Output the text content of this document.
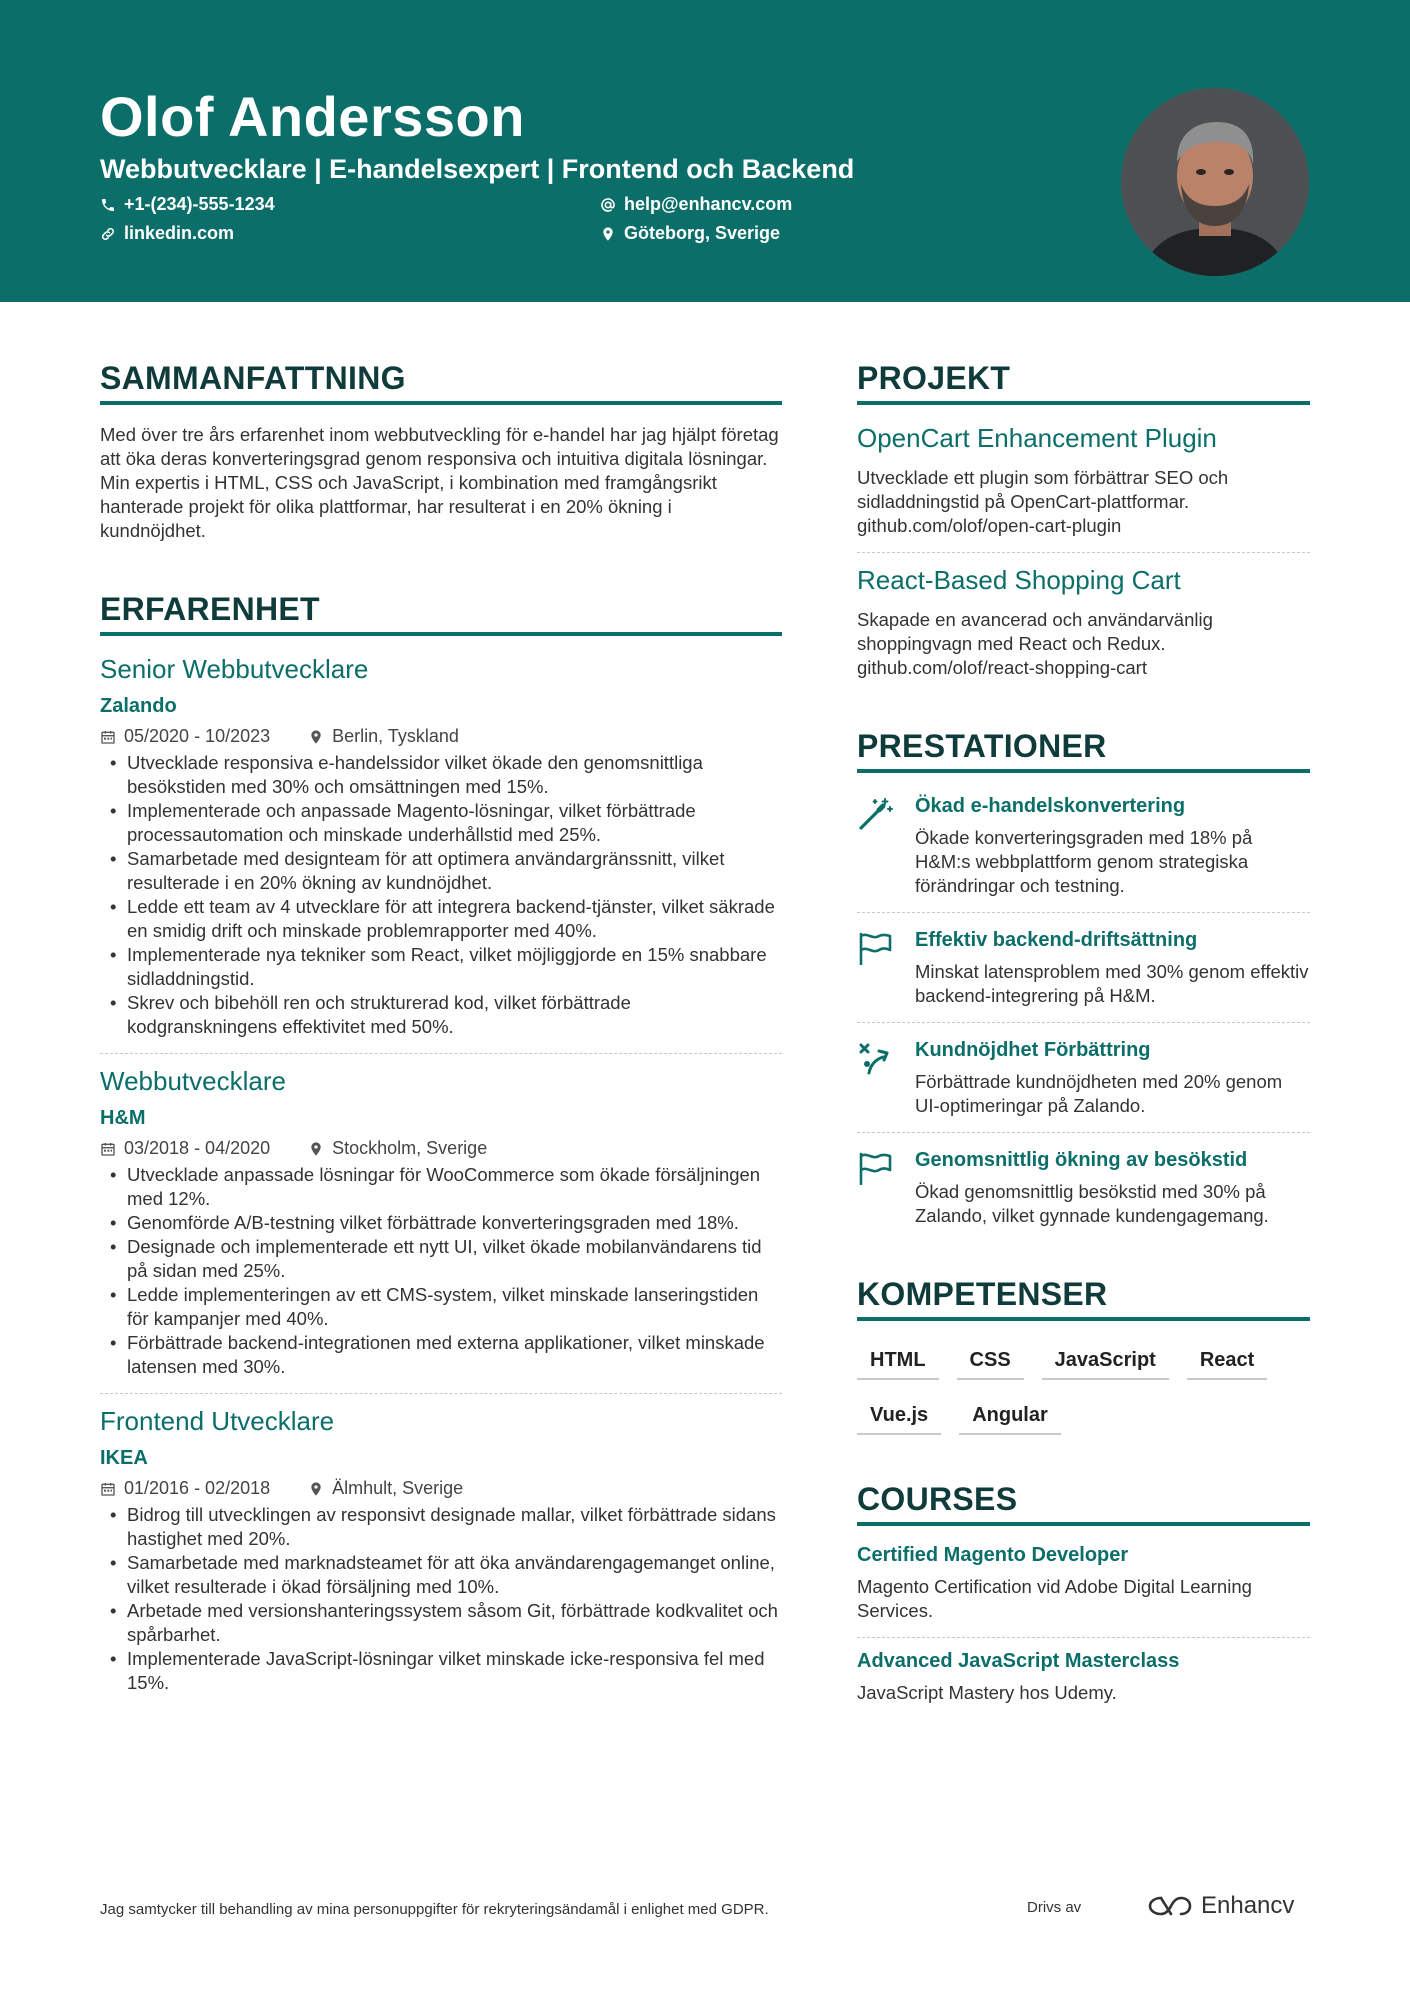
Olof Andersson
Webbutvecklare | E-handelsexpert | Frontend och Backend
+1-(234)-555-1234	help@enhancv.com
linkedin.com	Göteborg, Sverige
SAMMANFATTNING
Med över tre års erfarenhet inom webbutveckling för e-handel har jag hjälpt företag att öka deras konverteringsgrad genom responsiva och intuitiva digitala lösningar. Min expertis i HTML, CSS och JavaScript, i kombination med framgångsrikt hanterade projekt för olika plattformar, har resulterat i en 20% ökning i kundnöjdhet.
ERFARENHET
Senior Webbutvecklare
Zalando
05/2020 - 10/2023	Berlin, Tyskland
• Utvecklade responsiva e-handelssidor vilket ökade den genomsnittliga besökstiden med 30% och omsättningen med 15%.
• Implementerade och anpassade Magento-lösningar, vilket förbättrade processautomation och minskade underhållstid med 25%.
• Samarbetade med designteam för att optimera användargränssnitt, vilket resulterade i en 20% ökning av kundnöjdhet.
• Ledde ett team av 4 utvecklare för att integrera backend-tjänster, vilket säkrade en smidig drift och minskade problemrapporter med 40%.
• Implementerade nya tekniker som React, vilket möjliggjorde en 15% snabbare sidladdningstid.
• Skrev och bibehöll ren och strukturerad kod, vilket förbättrade kodgranskningens effektivitet med 50%.
Webbutvecklare
H&M
03/2018 - 04/2020	Stockholm, Sverige
• Utvecklade anpassade lösningar för WooCommerce som ökade försäljningen med 12%.
• Genomförde A/B-testning vilket förbättrade konverteringsgraden med 18%.
• Designade och implementerade ett nytt UI, vilket ökade mobilanvändarens tid på sidan med 25%.
• Ledde implementeringen av ett CMS-system, vilket minskade lanseringstiden för kampanjer med 40%.
• Förbättrade backend-integrationen med externa applikationer, vilket minskade latensen med 30%.
Frontend Utvecklare
IKEA
01/2016 - 02/2018	Älmhult, Sverige
• Bidrog till utvecklingen av responsivt designade mallar, vilket förbättrade sidans hastighet med 20%.
• Samarbetade med marknadsteamet för att öka användarengagemanget online, vilket resulterade i ökad försäljning med 10%.
• Arbetade med versionshanteringssystem såsom Git, förbättrade kodkvalitet och spårbarhet.
• Implementerade JavaScript-lösningar vilket minskade icke-responsiva fel med 15%.
PROJEKT
OpenCart Enhancement Plugin
Utvecklade ett plugin som förbättrar SEO och sidladdningstid på OpenCart-plattformar. github.com/olof/open-cart-plugin
React-Based Shopping Cart
Skapade en avancerad och användarvänlig shoppingvagn med React och Redux. github.com/olof/react-shopping-cart
PRESTATIONER
Ökad e-handelskonvertering
Ökade konverteringsgraden med 18% på H&M:s webbplattform genom strategiska förändringar och testning.
Effektiv backend-driftsättning
Minskat latensproblem med 30% genom effektiv backend-integrering på H&M.
Kundnöjdhet Förbättring
Förbättrade kundnöjdheten med 20% genom UI-optimeringar på Zalando.
Genomsnittlig ökning av besökstid
Ökad genomsnittlig besökstid med 30% på Zalando, vilket gynnade kundengagemang.
KOMPETENSER
HTML	CSS	JavaScript	React
Vue.js	Angular
COURSES
Certified Magento Developer
Magento Certification vid Adobe Digital Learning Services.
Advanced JavaScript Masterclass
JavaScript Mastery hos Udemy.
Jag samtycker till behandling av mina personuppgifter för rekryteringsändamål i enlighet med GDPR.	Drivs av	Enhancv
